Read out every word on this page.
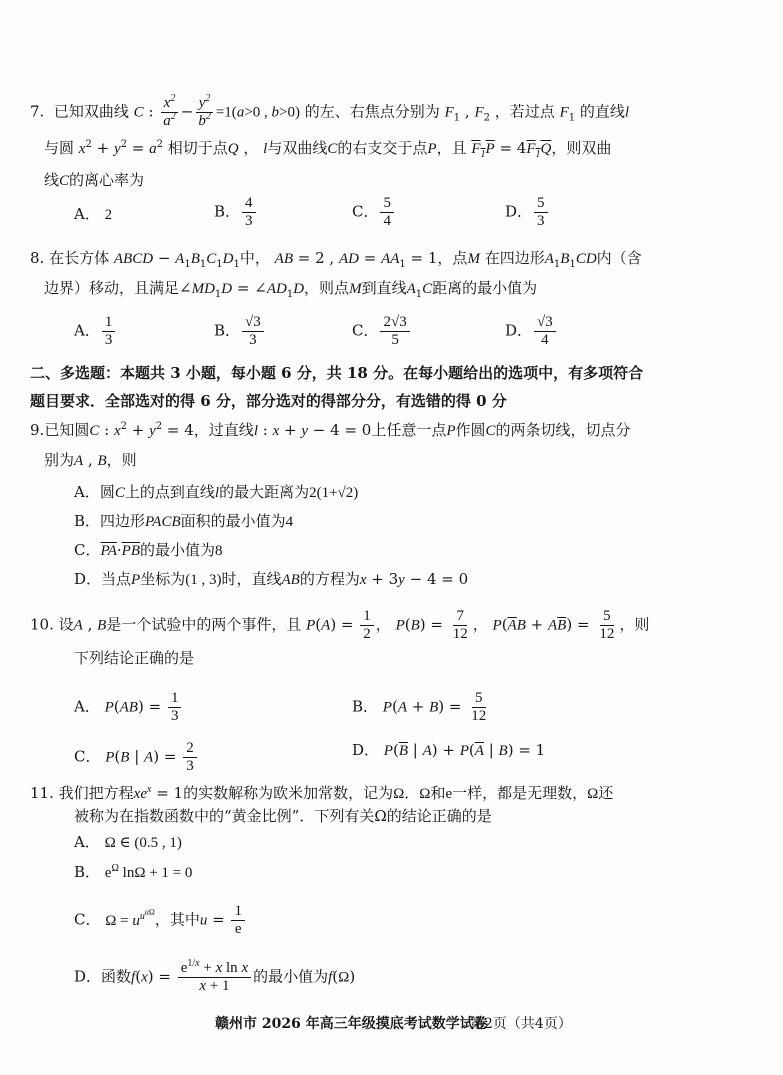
7. 已知双曲线 C : $\frac{x^2}{a^2} - \frac{y^2}{b^2} =1(a>0$ , b>0) 的左、右焦点分别为 $F_1$ , $F_2$ ，若过点 $F_1$ 的直线l
与圆 $x^2 + y^2 = a^2$ 相切于点Q ， l与双曲线C的右支交于点P，且 $F_1P = 4F_1Q$，则双曲
线C的离心率为
A． 2	B． $\frac{4}{3}$	C． $\frac{5}{4}$	D． $\frac{5}{3}$
8. 在长方体 ABCD − $A_1B_1C_1D_1$中， AB = 2 , AD = $AA_1 = 1$，点M 在四边形$A_1B_1CD$内（含
边界）移动，且满足$\angle MD_1D$ = $\angle AD_1D$，则点M到直线$A_1C$距离的最小值为
A． $\frac{1}{3}$	B． $\frac{√3}{3}$	C． $\frac{2√3}{5}$	D． $\frac{√3}{4}$
二、多选题：本题共 3 小题，每小题 6 分，共 18 分。在每小题给出的选项中，有多项符合
题目要求．全部选对的得 6 分，部分选对的得部分分，有选错的得 0 分
9.已知圆C : $x^2 + y^2 = 4$，过直线l : x + y − 4 = 0上任意一点P作圆C的两条切线，切点分
别为A , B，则
A．圆C上的点到直线l的最大距离为2(1+√2)
B．四边形PACB面积的最小值为4
C．$\overline{PA}\cdot\overline{PB}$的最小值为8
D．当点P坐标为(1 , 3)时，直线AB的方程为x + 3y − 4 = 0
10. 设A , B是一个试验中的两个事件，且 $P(A) = \frac{1}{2}$ ， $P(B) = \frac{7}{12}$ ， $P(\overline{A}B + A\overline{B}) = \frac{5}{12}$ ，则
下列结论正确的是
A． $P(AB) = \frac{1}{3}$	B． $P(A + B) = \frac{5}{12}$
C． P(B | $A) = \frac{2}{3}$	D． $P(\overline{B}$ | $A) + P(\overline{A}$ | B) = 1
11. 我们把方程$xe^x = 1$的实数解称为欧米加常数，记为Ω．Ω和e一样，都是无理数，Ω还
被称为在指数函数中的“黄金比例”．下列有关Ω的结论正确的是
A． Ω ∈ (0.5 , 1)
B． $e^\Omega$ lnΩ + 1 = 0
C． $\Omega = u^{u^{u\Omega}}$，其中$u = \frac{1}{e}$
D．函数$f(x) = \frac{e^{1/x} + x \ln x}{x + 1}$ 的最小值为f(Ω)
赣州市 2026 年高三年级摸底考试数学试卷
第2页（共4页）
